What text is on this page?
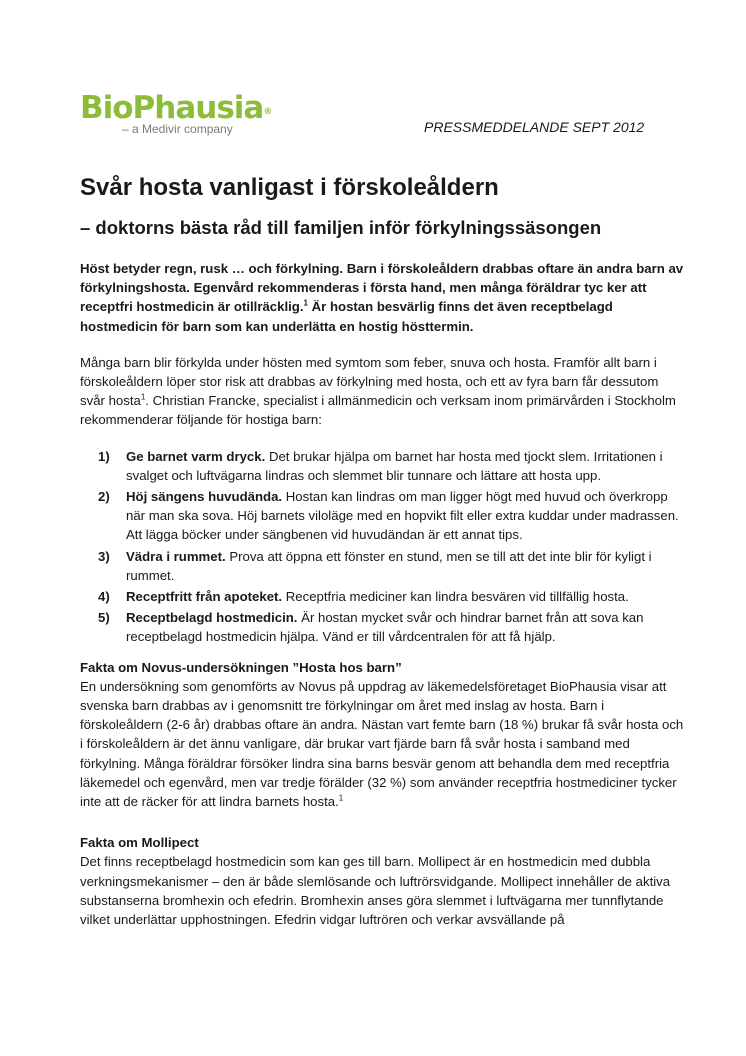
BioPhausia®
– a Medivir company	PRESSMEDDELANDE SEPT 2012
Svår hosta vanligast i förskoleåldern
– doktorns bästa råd till familjen inför förkylningssäsongen

Höst betyder regn, rusk … och förkylning. Barn i förskoleåldern drabbas oftare än andra barn av förkylningshosta. Egenvård rekommenderas i första hand, men många föräldrar tyc ker att receptfri hostmedicin är otillräcklig.$^1$ Är hostan besvärlig finns det även receptbelagd hostmedicin för barn som kan underlätta en hostig hösttermin.

Många barn blir förkylda under hösten med symtom som feber, snuva och hosta. Framför allt barn i förskoleåldern löper stor risk att drabbas av förkylning med hosta, och ett av fyra barn får dessutom svår hosta$^1$. Christian Francke, specialist i allmänmedicin och verksam inom primärvården i Stockholm rekommenderar följande för hostiga barn:

1) Ge barnet varm dryck. Det brukar hjälpa om barnet har hosta med tjockt slem. Irritationen i svalget och luftvägarna lindras och slemmet blir tunnare och lättare att hosta upp.
2) Höj sängens huvudända. Hostan kan lindras om man ligger högt med huvud och överkropp när man ska sova. Höj barnets viloläge med en hopvikt filt eller extra kuddar under madrassen. Att lägga böcker under sängbenen vid huvudändan är ett annat tips.
3) Vädra i rummet. Prova att öppna ett fönster en stund, men se till att det inte blir för kyligt i rummet.
4) Receptfritt från apoteket. Receptfria mediciner kan lindra besvären vid tillfällig hosta.
5) Receptbelagd hostmedicin. Är hostan mycket svår och hindrar barnet från att sova kan receptbelagd hostmedicin hjälpa. Vänd er till vårdcentralen för att få hjälp.
Fakta om Novus-undersökningen ”Hosta hos barn”

En undersökning som genomförts av Novus på uppdrag av läkemedelsföretaget BioPhausia visar att svenska barn drabbas av i genomsnitt tre förkylningar om året med inslag av hosta. Barn i förskoleåldern (2-6 år) drabbas oftare än andra. Nästan vart femte barn (18 %) brukar få svår hosta och i förskoleåldern är det ännu vanligare, där brukar vart fjärde barn få svår hosta i samband med förkylning. Många föräldrar försöker lindra sina barns besvär genom att behandla dem med receptfria läkemedel och egenvård, men var tredje förälder (32 %) som använder receptfria hostmediciner tycker inte att de räcker för att lindra barnets hosta.$^1$

Fakta om Mollipect

Det finns receptbelagd hostmedicin som kan ges till barn. Mollipect är en hostmedicin med dubbla verkningsmekanismer – den är både slemlösande och luftrörsvidgande. Mollipect innehåller de aktiva substanserna bromhexin och efedrin. Bromhexin anses göra slemmet i luftvägarna mer tunnflytande vilket underlättar upphostningen. Efedrin vidgar luftrören och verkar avsvällande på
